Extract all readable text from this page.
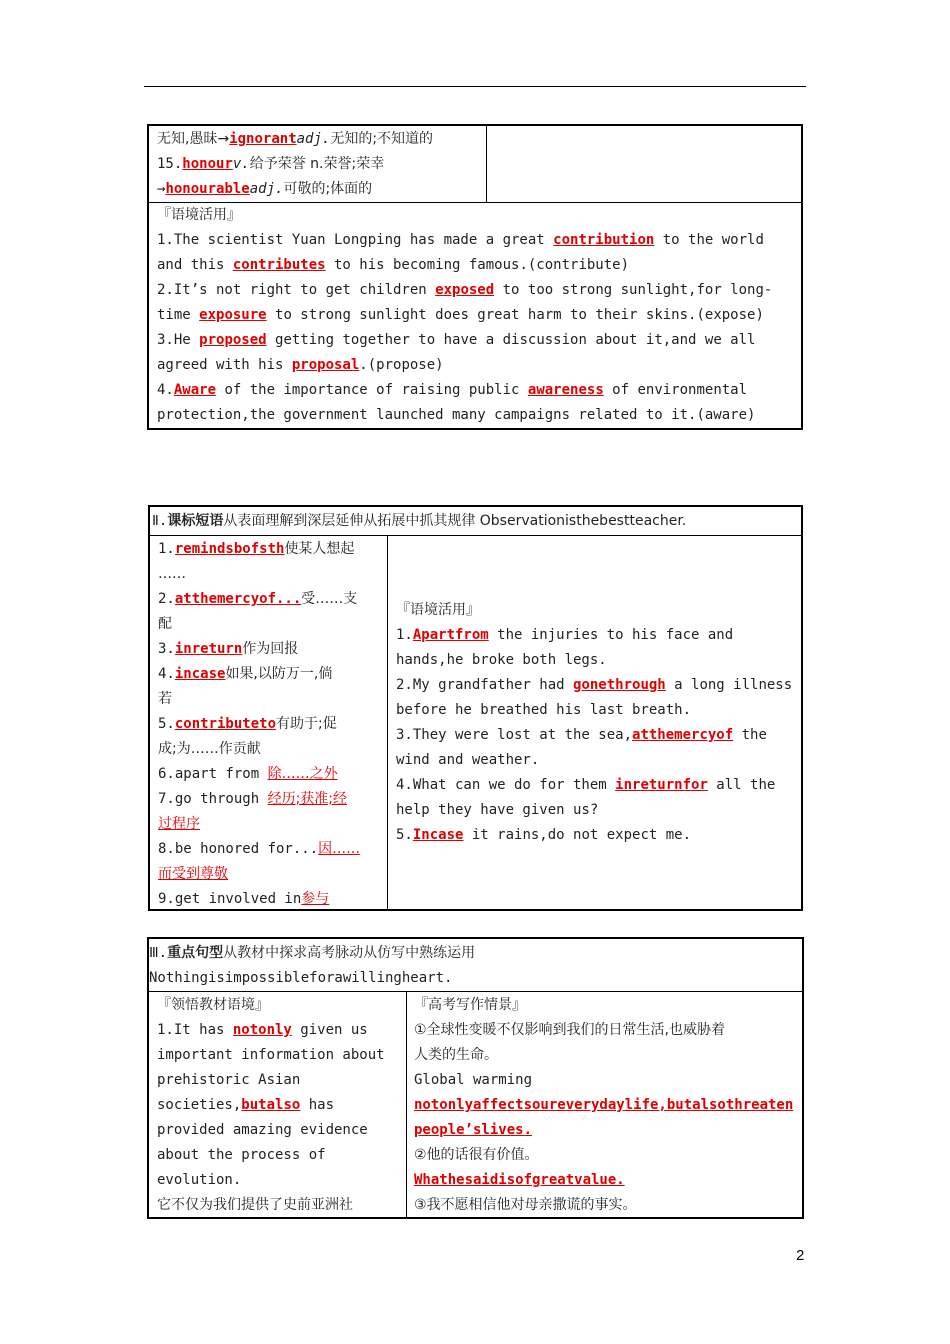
无知,愚昧→ignorantadj.无知的;不知道的
15.honourv.给予荣誉 n.荣誉;荣幸
→honourableadj.可敬的;体面的
『语境活用』
1.The scientist Yuan Longping has made a great contribution to the world
and this contributes to his becoming famous.(contribute)
2.It’s not right to get children exposed to too strong sunlight,for long-
time exposure to strong sunlight does great harm to their skins.(expose)
3.He proposed getting together to have a discussion about it,and we all
agreed with his proposal.(propose)
4.Aware of the importance of raising public awareness of environmental
protection,the government launched many campaigns related to it.(aware)
Ⅱ.课标短语从表面理解到深层延伸从拓展中抓其规律 Observationisthebestteacher.
1.remindsbofsth使某人想起
……
2.atthemercyof...受……支
配
3.inreturn作为回报
4.incase如果,以防万一,倘
若
5.contributeto有助于;促
成;为……作贡献
6.apart from 除……之外
7.go through 经历;获准;经
过程序
8.be honored for...因……
而受到尊敬
9.get involved in参与
『语境活用』
1.Apartfrom the injuries to his face and
hands,he broke both legs.
2.My grandfather had gonethrough a long illness
before he breathed his last breath.
3.They were lost at the sea,atthemercyof the
wind and weather.
4.What can we do for them inreturnfor all the
help they have given us?
5.Incase it rains,do not expect me.
Ⅲ.重点句型从教材中探求高考脉动从仿写中熟练运用
Nothingisimpossibleforawillingheart.
『领悟教材语境』
1.It has notonly given us
important information about
prehistoric Asian
societies,butalso has
provided amazing evidence
about the process of
evolution.
它不仅为我们提供了史前亚洲社
『高考写作情景』
①全球性变暖不仅影响到我们的日常生活,也威胁着
人类的生命。
Global warming
notonlyaffectsoureverydaylife,butalsothreaten
people’slives.
②他的话很有价值。
Whathesaidisofgreatvalue.
③我不愿相信他对母亲撒谎的事实。
2
